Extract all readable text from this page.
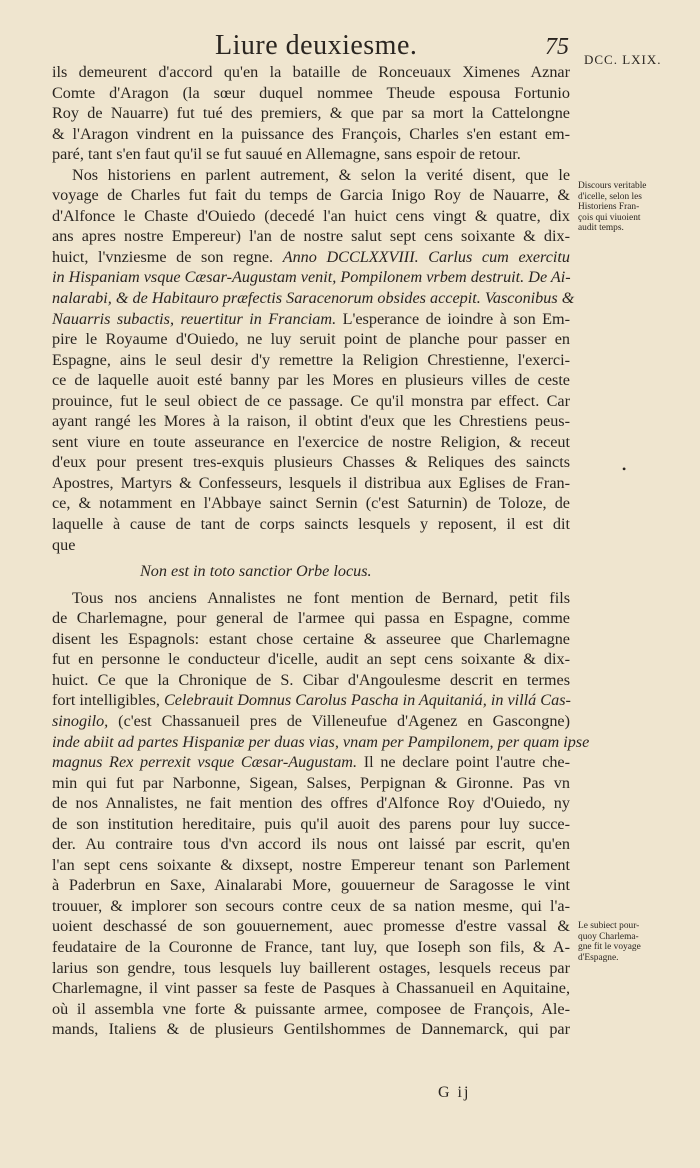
Liure deuxiesme.	75 DCC. LXIX.
ils demeurent d'accord qu'en la bataille de Ronceuaux Ximenes Aznar
Comte d'Aragon (la sœur duquel nommee Theude espousa Fortunio
Roy de Nauarre) fut tué des premiers, & que par sa mort la Cattelongne
& l'Aragon vindrent en la puissance des François, Charles s'en estant em-
paré, tant s'en faut qu'il se fut sauué en Allemagne, sans espoir de retour.
Nos historiens en parlent autrement, & selon la verité disent, que le
voyage de Charles fut fait du temps de Garcia Inigo Roy de Nauarre, &
d'Alfonce le Chaste d'Ouiedo (decedé l'an huict cens vingt & quatre, dix
ans apres nostre Empereur) l'an de nostre salut sept cens soixante & dix-
huict, l'vnziesme de son regne. Anno DCCLXXVIII. Carlus cum exercitu
in Hispaniam vsque Cæsar-Augustam venit, Pompilonem vrbem destruit. De Ai-
nalarabi, & de Habitauro præfectis Saracenorum obsides accepit. Vasconibus &
Nauarris subactis, reuertitur in Franciam. L'esperance de ioindre à son Em-
pire le Royaume d'Ouiedo, ne luy seruit point de planche pour passer en
Espagne, ains le seul desir d'y remettre la Religion Chrestienne, l'exerci-
ce de laquelle auoit esté banny par les Mores en plusieurs villes de ceste
prouince, fut le seul obiect de ce passage. Ce qu'il monstra par effect. Car
ayant rangé les Mores à la raison, il obtint d'eux que les Chrestiens peus-
sent viure en toute asseurance en l'exercice de nostre Religion, & receut
d'eux pour present tres-exquis plusieurs Chasses & Reliques des saincts
Apostres, Martyrs & Confesseurs, lesquels il distribua aux Eglises de Fran-
ce, & notamment en l'Abbaye sainct Sernin (c'est Saturnin) de Toloze, de
laquelle à cause de tant de corps saincts lesquels y reposent, il est dit
que
Non est in toto sanctior Orbe locus.
Tous nos anciens Annalistes ne font mention de Bernard, petit fils
de Charlemagne, pour general de l'armee qui passa en Espagne, comme
disent les Espagnols: estant chose certaine & asseuree que Charlemagne
fut en personne le conducteur d'icelle, audit an sept cens soixante & dix-
huict. Ce que la Chronique de S. Cibar d'Angoulesme descrit en termes
fort intelligibles, Celebrauit Domnus Carolus Pascha in Aquitaniá, in villá Cas-
sinogilo, (c'est Chassanueil pres de Villeneufue d'Agenez en Gascongne)
inde abiit ad partes Hispaniæ per duas vias, vnam per Pampilonem, per quam ipse
magnus Rex perrexit vsque Cæsar-Augustam. Il ne declare point l'autre che-
min qui fut par Narbonne, Sigean, Salses, Perpignan & Gironne. Pas vn
de nos Annalistes, ne fait mention des offres d'Alfonce Roy d'Ouiedo, ny
de son institution hereditaire, puis qu'il auoit des parens pour luy succe-
der. Au contraire tous d'vn accord ils nous ont laissé par escrit, qu'en
l'an sept cens soixante & dixsept, nostre Empereur tenant son Parlement
à Paderbrun en Saxe, Ainalarabi More, gouuerneur de Saragosse le vint
trouuer, & implorer son secours contre ceux de sa nation mesme, qui l'a-
uoient deschassé de son gouuernement, auec promesse d'estre vassal &
feudataire de la Couronne de France, tant luy, que Ioseph son fils, & A-
larius son gendre, tous lesquels luy baillerent ostages, lesquels receus par
Charlemagne, il vint passer sa feste de Pasques à Chassanueil en Aquitaine,
où il assembla vne forte & puissante armee, composee de François, Ale-
mands, Italiens & de plusieurs Gentilshommes de Dannemarck, qui par
Discours veritable
d'icelle, selon les
Historiens Fran-
çois qui viuoient
audit temps.
Le subiect pour-
quoy Charlema-
gne fit le voyage
d'Espagne.
•
G ij
